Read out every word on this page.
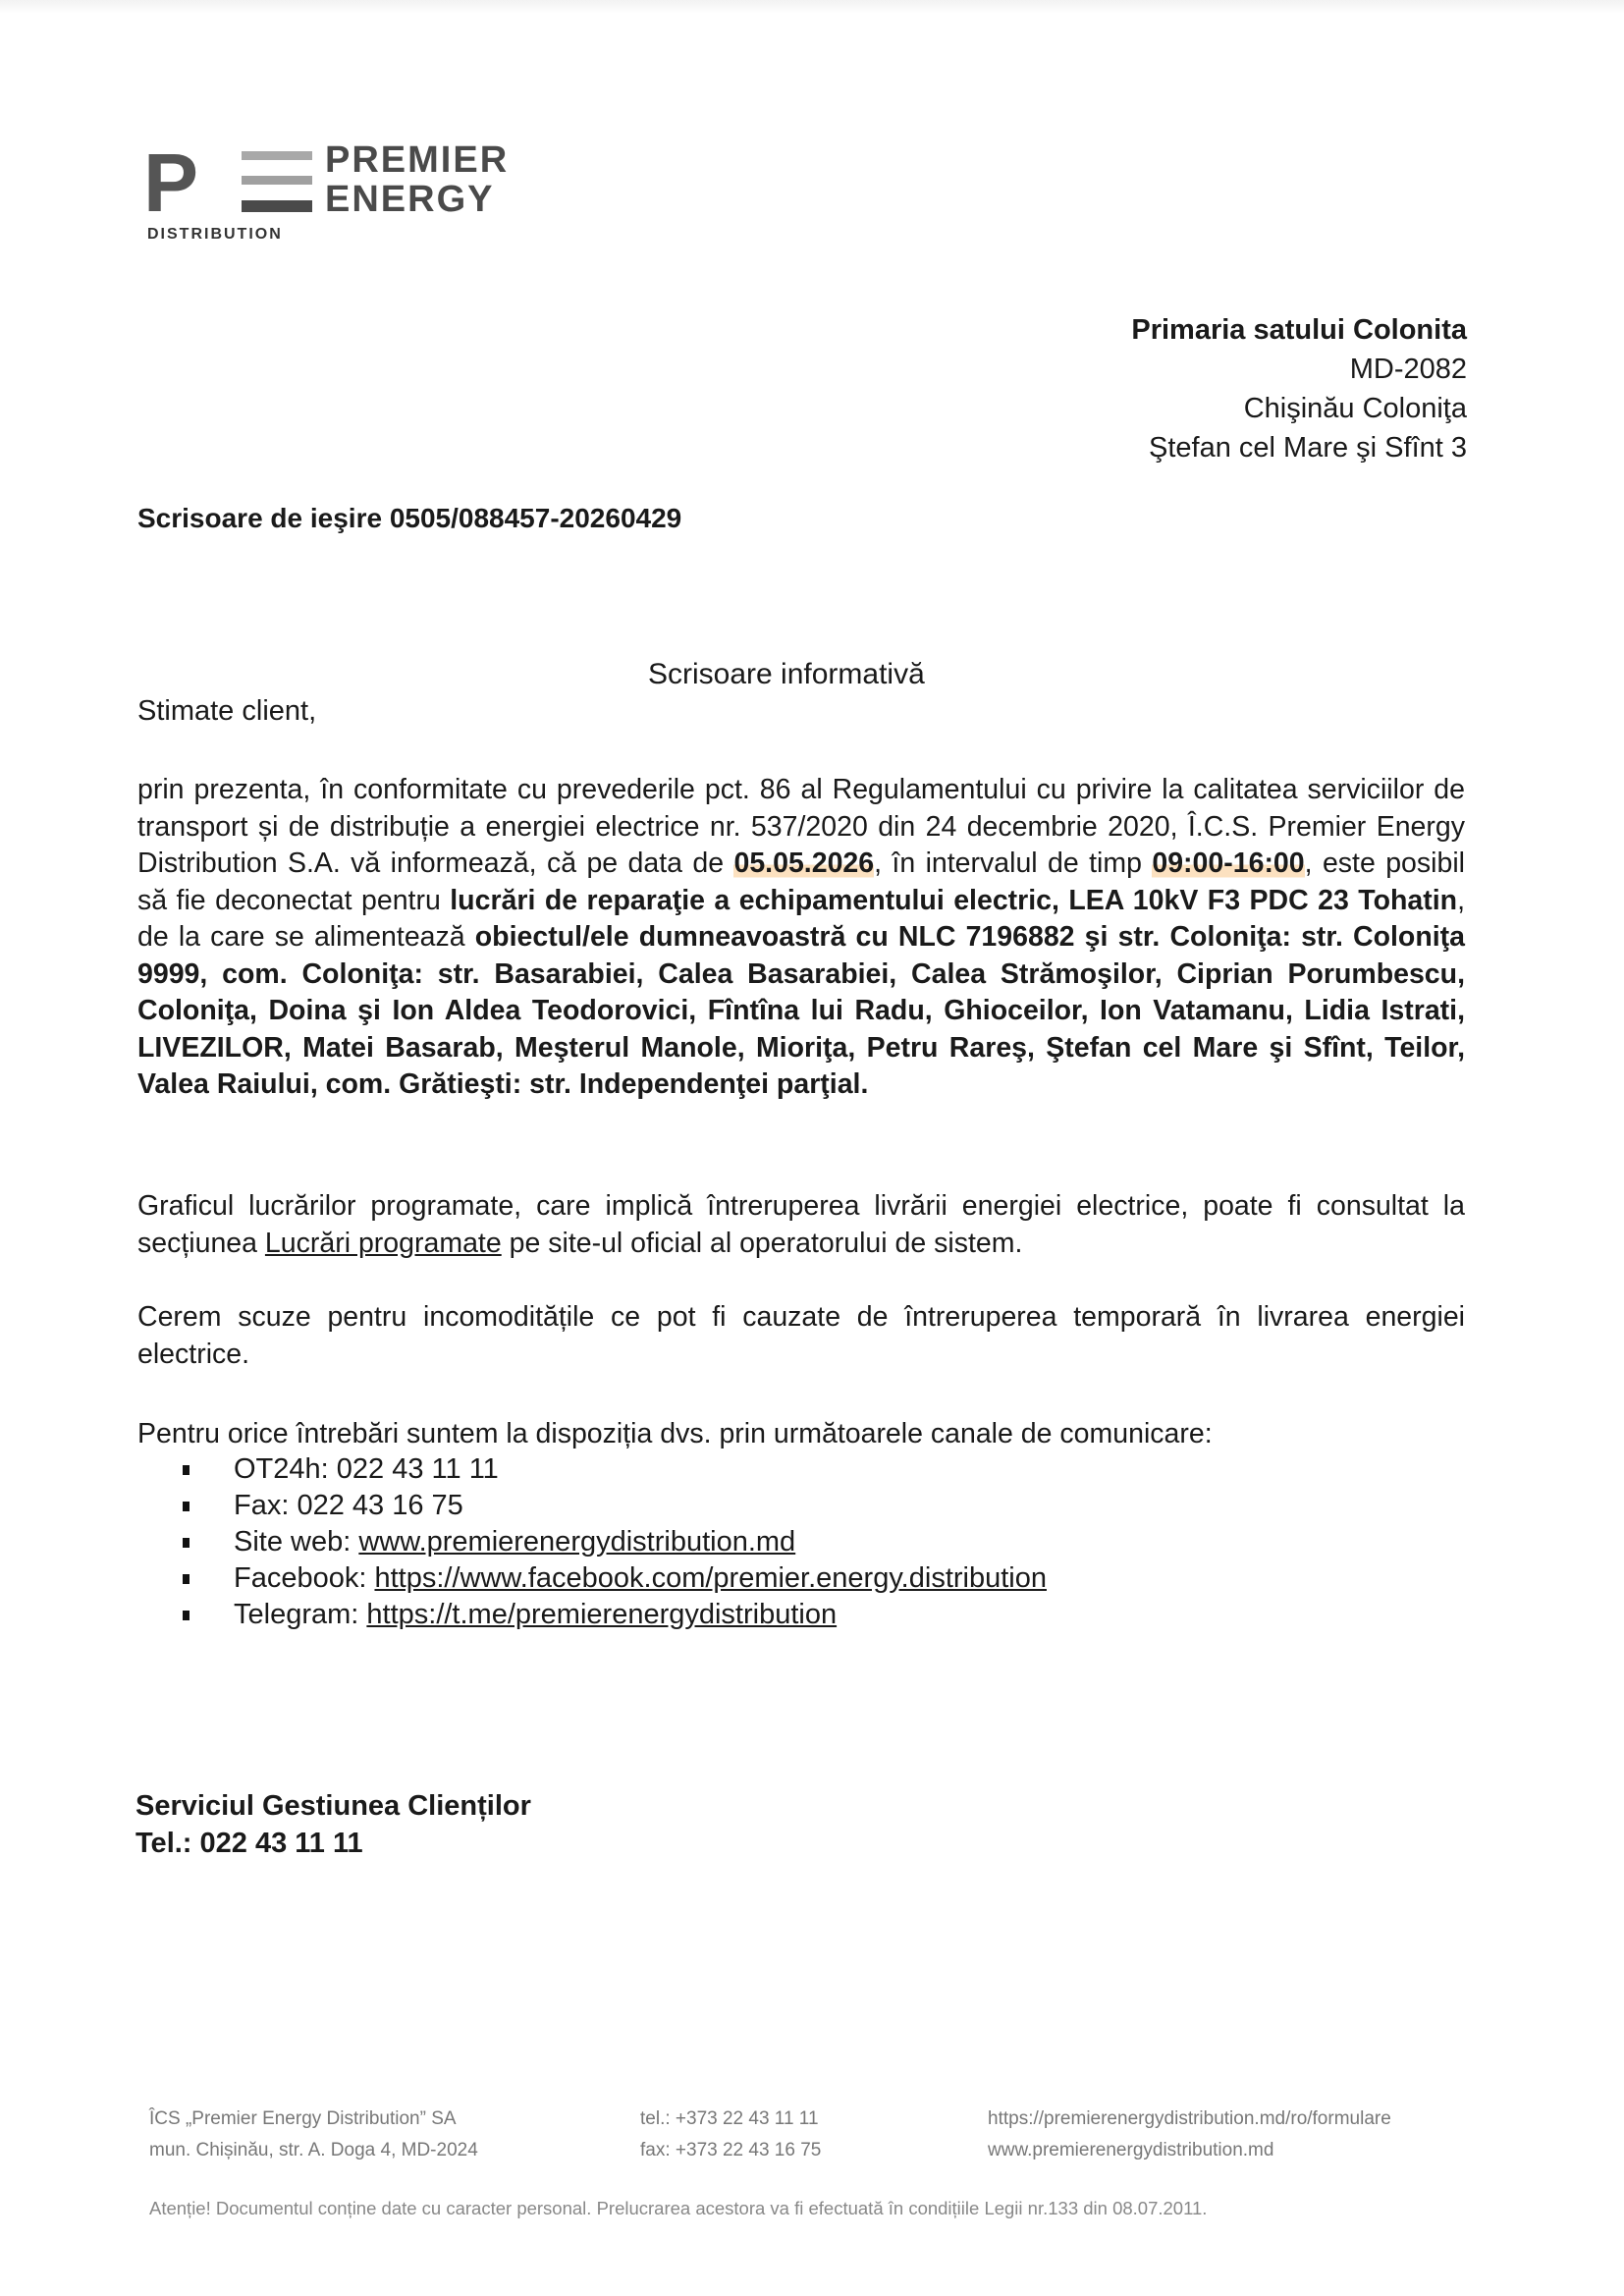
P	PREMIER
ENERGY
DISTRIBUTION
Primaria satului Colonita
MD-2082
Chişinău Coloniţa
Ştefan cel Mare şi Sfînt 3
Scrisoare de ieşire 0505/088457-20260429
Scrisoare informativă
Stimate client,
prin prezenta, în conformitate cu prevederile pct. 86 al Regulamentului cu privire la calitatea serviciilor de transport și de distribuție a energiei electrice nr. 537/2020 din 24 decembrie 2020, Î.C.S. Premier Energy Distribution S.A. vă informează, că pe data de 05.05.2026, în intervalul de timp 09:00-16:00, este posibil să fie deconectat pentru lucrări de reparaţie a echipamentului electric, LEA 10kV F3 PDC 23 Tohatin, de la care se alimentează obiectul/ele dumneavoastră cu NLC 7196882 şi str. Coloniţa: str. Coloniţa 9999, com. Coloniţa: str. Basarabiei, Calea Basarabiei, Calea Strămoşilor, Ciprian Porumbescu, Coloniţa, Doina şi Ion Aldea Teodorovici, Fîntîna lui Radu, Ghioceilor, Ion Vatamanu, Lidia Istrati, LIVEZILOR, Matei Basarab, Meşterul Manole, Mioriţa, Petru Rareş, Ştefan cel Mare şi Sfînt, Teilor, Valea Raiului, com. Grătieşti: str. Independenţei parţial.
Graficul lucrărilor programate, care implică întreruperea livrării energiei electrice, poate fi consultat la secțiunea Lucrări programate pe site-ul oficial al operatorului de sistem.
Cerem scuze pentru incomoditățile ce pot fi cauzate de întreruperea temporară în livrarea energiei electrice.
Pentru orice întrebări suntem la dispoziția dvs. prin următoarele canale de comunicare:
OT24h: 022 43 11 11
Fax: 022 43 16 75
Site web: www.premierenergydistribution.md
Facebook: https://www.facebook.com/premier.energy.distribution
Telegram: https://t.me/premierenergydistribution
Serviciul Gestiunea Clienților
Tel.: 022 43 11 11
ÎCS „Premier Energy Distribution” SA
mun. Chișinău, str. A. Doga 4, MD-2024
tel.: +373 22 43 11 11
fax: +373 22 43 16 75
https://premierenergydistribution.md/ro/formulare
www.premierenergydistribution.md
Atenție! Documentul conține date cu caracter personal. Prelucrarea acestora va fi efectuată în condițiile Legii nr.133 din 08.07.2011.
